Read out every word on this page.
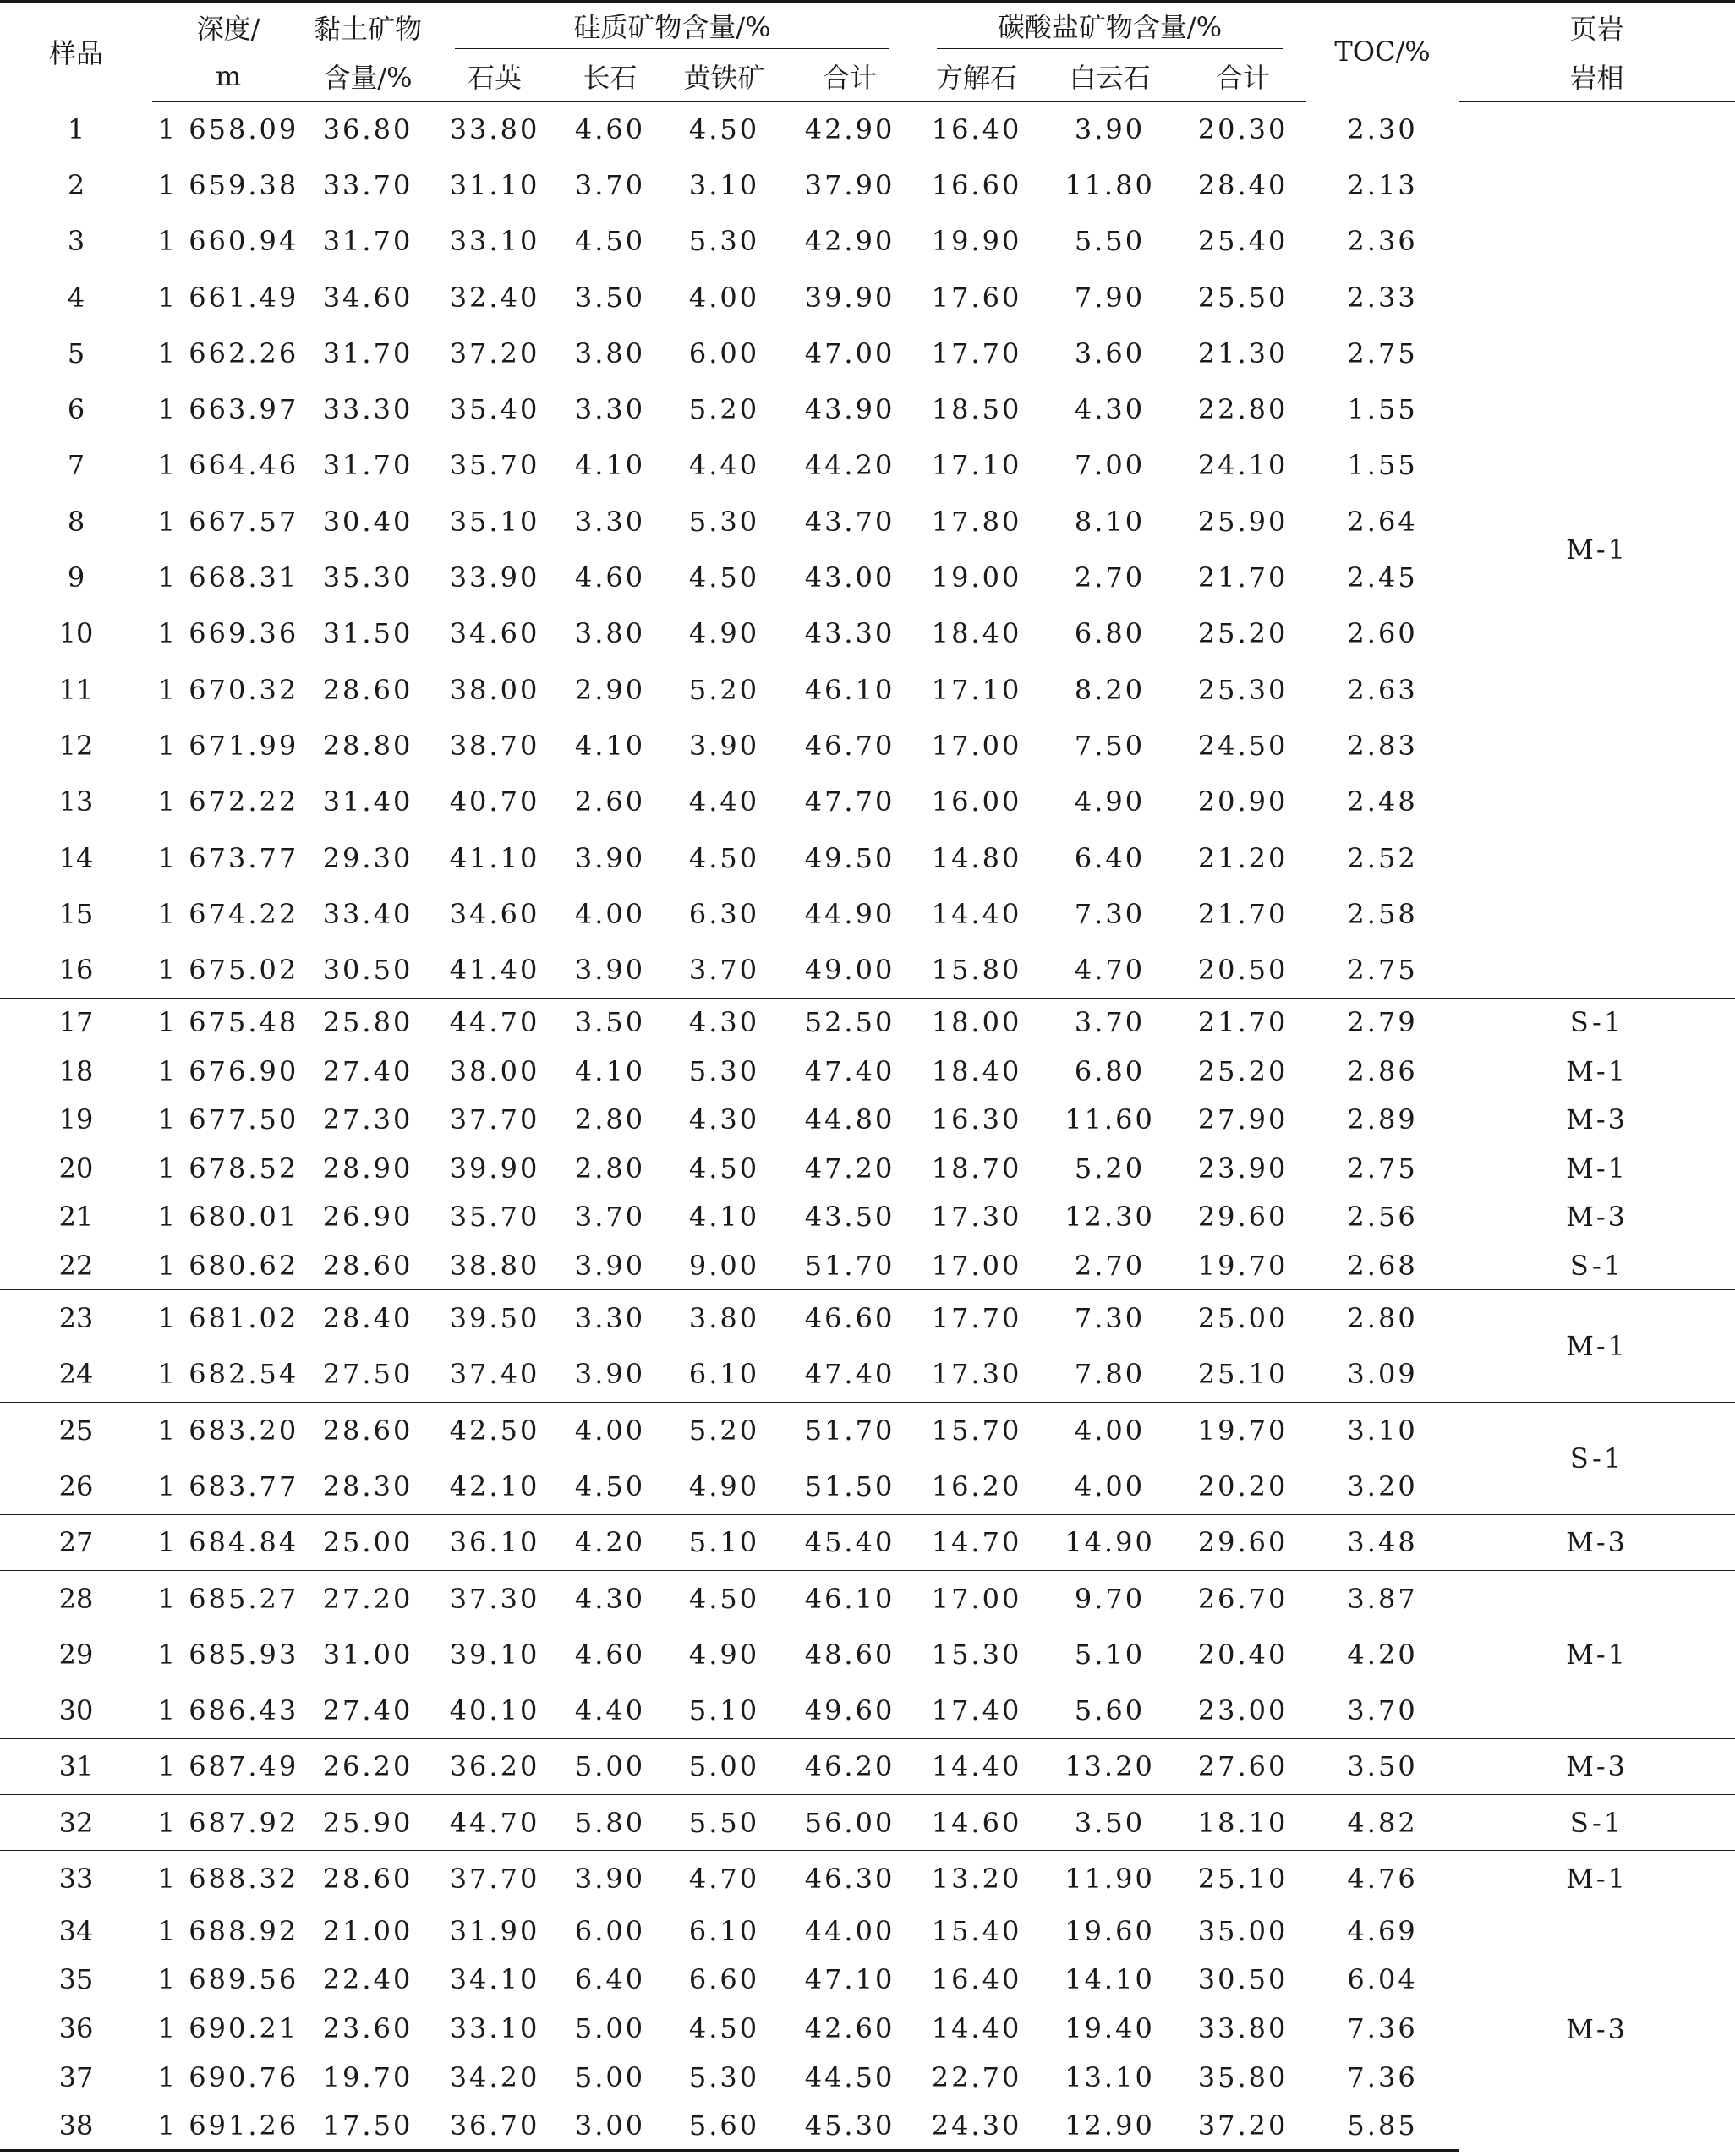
样品	深度/	黏土矿物	硅质矿物含量/%				碳酸盐矿物含量/%			TOC/%	页岩
	m	含量/%	石英	长石	黄铁矿	合计	方解石	白云石	合计		岩相
1	1 658.09	36.80	33.80	4.60	4.50	42.90	16.40	3.90	20.30	2.30	M-1
2	1 659.38	33.70	31.10	3.70	3.10	37.90	16.60	11.80	28.40	2.13	
3	1 660.94	31.70	33.10	4.50	5.30	42.90	19.90	5.50	25.40	2.36	
4	1 661.49	34.60	32.40	3.50	4.00	39.90	17.60	7.90	25.50	2.33	
5	1 662.26	31.70	37.20	3.80	6.00	47.00	17.70	3.60	21.30	2.75	
6	1 663.97	33.30	35.40	3.30	5.20	43.90	18.50	4.30	22.80	1.55	
7	1 664.46	31.70	35.70	4.10	4.40	44.20	17.10	7.00	24.10	1.55	
8	1 667.57	30.40	35.10	3.30	5.30	43.70	17.80	8.10	25.90	2.64	
9	1 668.31	35.30	33.90	4.60	4.50	43.00	19.00	2.70	21.70	2.45	
10	1 669.36	31.50	34.60	3.80	4.90	43.30	18.40	6.80	25.20	2.60	
11	1 670.32	28.60	38.00	2.90	5.20	46.10	17.10	8.20	25.30	2.63	
12	1 671.99	28.80	38.70	4.10	3.90	46.70	17.00	7.50	24.50	2.83	
13	1 672.22	31.40	40.70	2.60	4.40	47.70	16.00	4.90	20.90	2.48	
14	1 673.77	29.30	41.10	3.90	4.50	49.50	14.80	6.40	21.20	2.52	
15	1 674.22	33.40	34.60	4.00	6.30	44.90	14.40	7.30	21.70	2.58	
16	1 675.02	30.50	41.40	3.90	3.70	49.00	15.80	4.70	20.50	2.75	
17	1 675.48	25.80	44.70	3.50	4.30	52.50	18.00	3.70	21.70	2.79	S-1
18	1 676.90	27.40	38.00	4.10	5.30	47.40	18.40	6.80	25.20	2.86	M-1
19	1 677.50	27.30	37.70	2.80	4.30	44.80	16.30	11.60	27.90	2.89	M-3
20	1 678.52	28.90	39.90	2.80	4.50	47.20	18.70	5.20	23.90	2.75	M-1
21	1 680.01	26.90	35.70	3.70	4.10	43.50	17.30	12.30	29.60	2.56	M-3
22	1 680.62	28.60	38.80	3.90	9.00	51.70	17.00	2.70	19.70	2.68	S-1
23	1 681.02	28.40	39.50	3.30	3.80	46.60	17.70	7.30	25.00	2.80	M-1
24	1 682.54	27.50	37.40	3.90	6.10	47.40	17.30	7.80	25.10	3.09	
25	1 683.20	28.60	42.50	4.00	5.20	51.70	15.70	4.00	19.70	3.10	S-1
26	1 683.77	28.30	42.10	4.50	4.90	51.50	16.20	4.00	20.20	3.20	
27	1 684.84	25.00	36.10	4.20	5.10	45.40	14.70	14.90	29.60	3.48	M-3
28	1 685.27	27.20	37.30	4.30	4.50	46.10	17.00	9.70	26.70	3.87	M-1
29	1 685.93	31.00	39.10	4.60	4.90	48.60	15.30	5.10	20.40	4.20	
30	1 686.43	27.40	40.10	4.40	5.10	49.60	17.40	5.60	23.00	3.70	
31	1 687.49	26.20	36.20	5.00	5.00	46.20	14.40	13.20	27.60	3.50	M-3
32	1 687.92	25.90	44.70	5.80	5.50	56.00	14.60	3.50	18.10	4.82	S-1
33	1 688.32	28.60	37.70	3.90	4.70	46.30	13.20	11.90	25.10	4.76	M-1
34	1 688.92	21.00	31.90	6.00	6.10	44.00	15.40	19.60	35.00	4.69	M-3
35	1 689.56	22.40	34.10	6.40	6.60	47.10	16.40	14.10	30.50	6.04	
36	1 690.21	23.60	33.10	5.00	4.50	42.60	14.40	19.40	33.80	7.36	
37	1 690.76	19.70	34.20	5.00	5.30	44.50	22.70	13.10	35.80	7.36	
38	1 691.26	17.50	36.70	3.00	5.60	45.30	24.30	12.90	37.20	5.85	
